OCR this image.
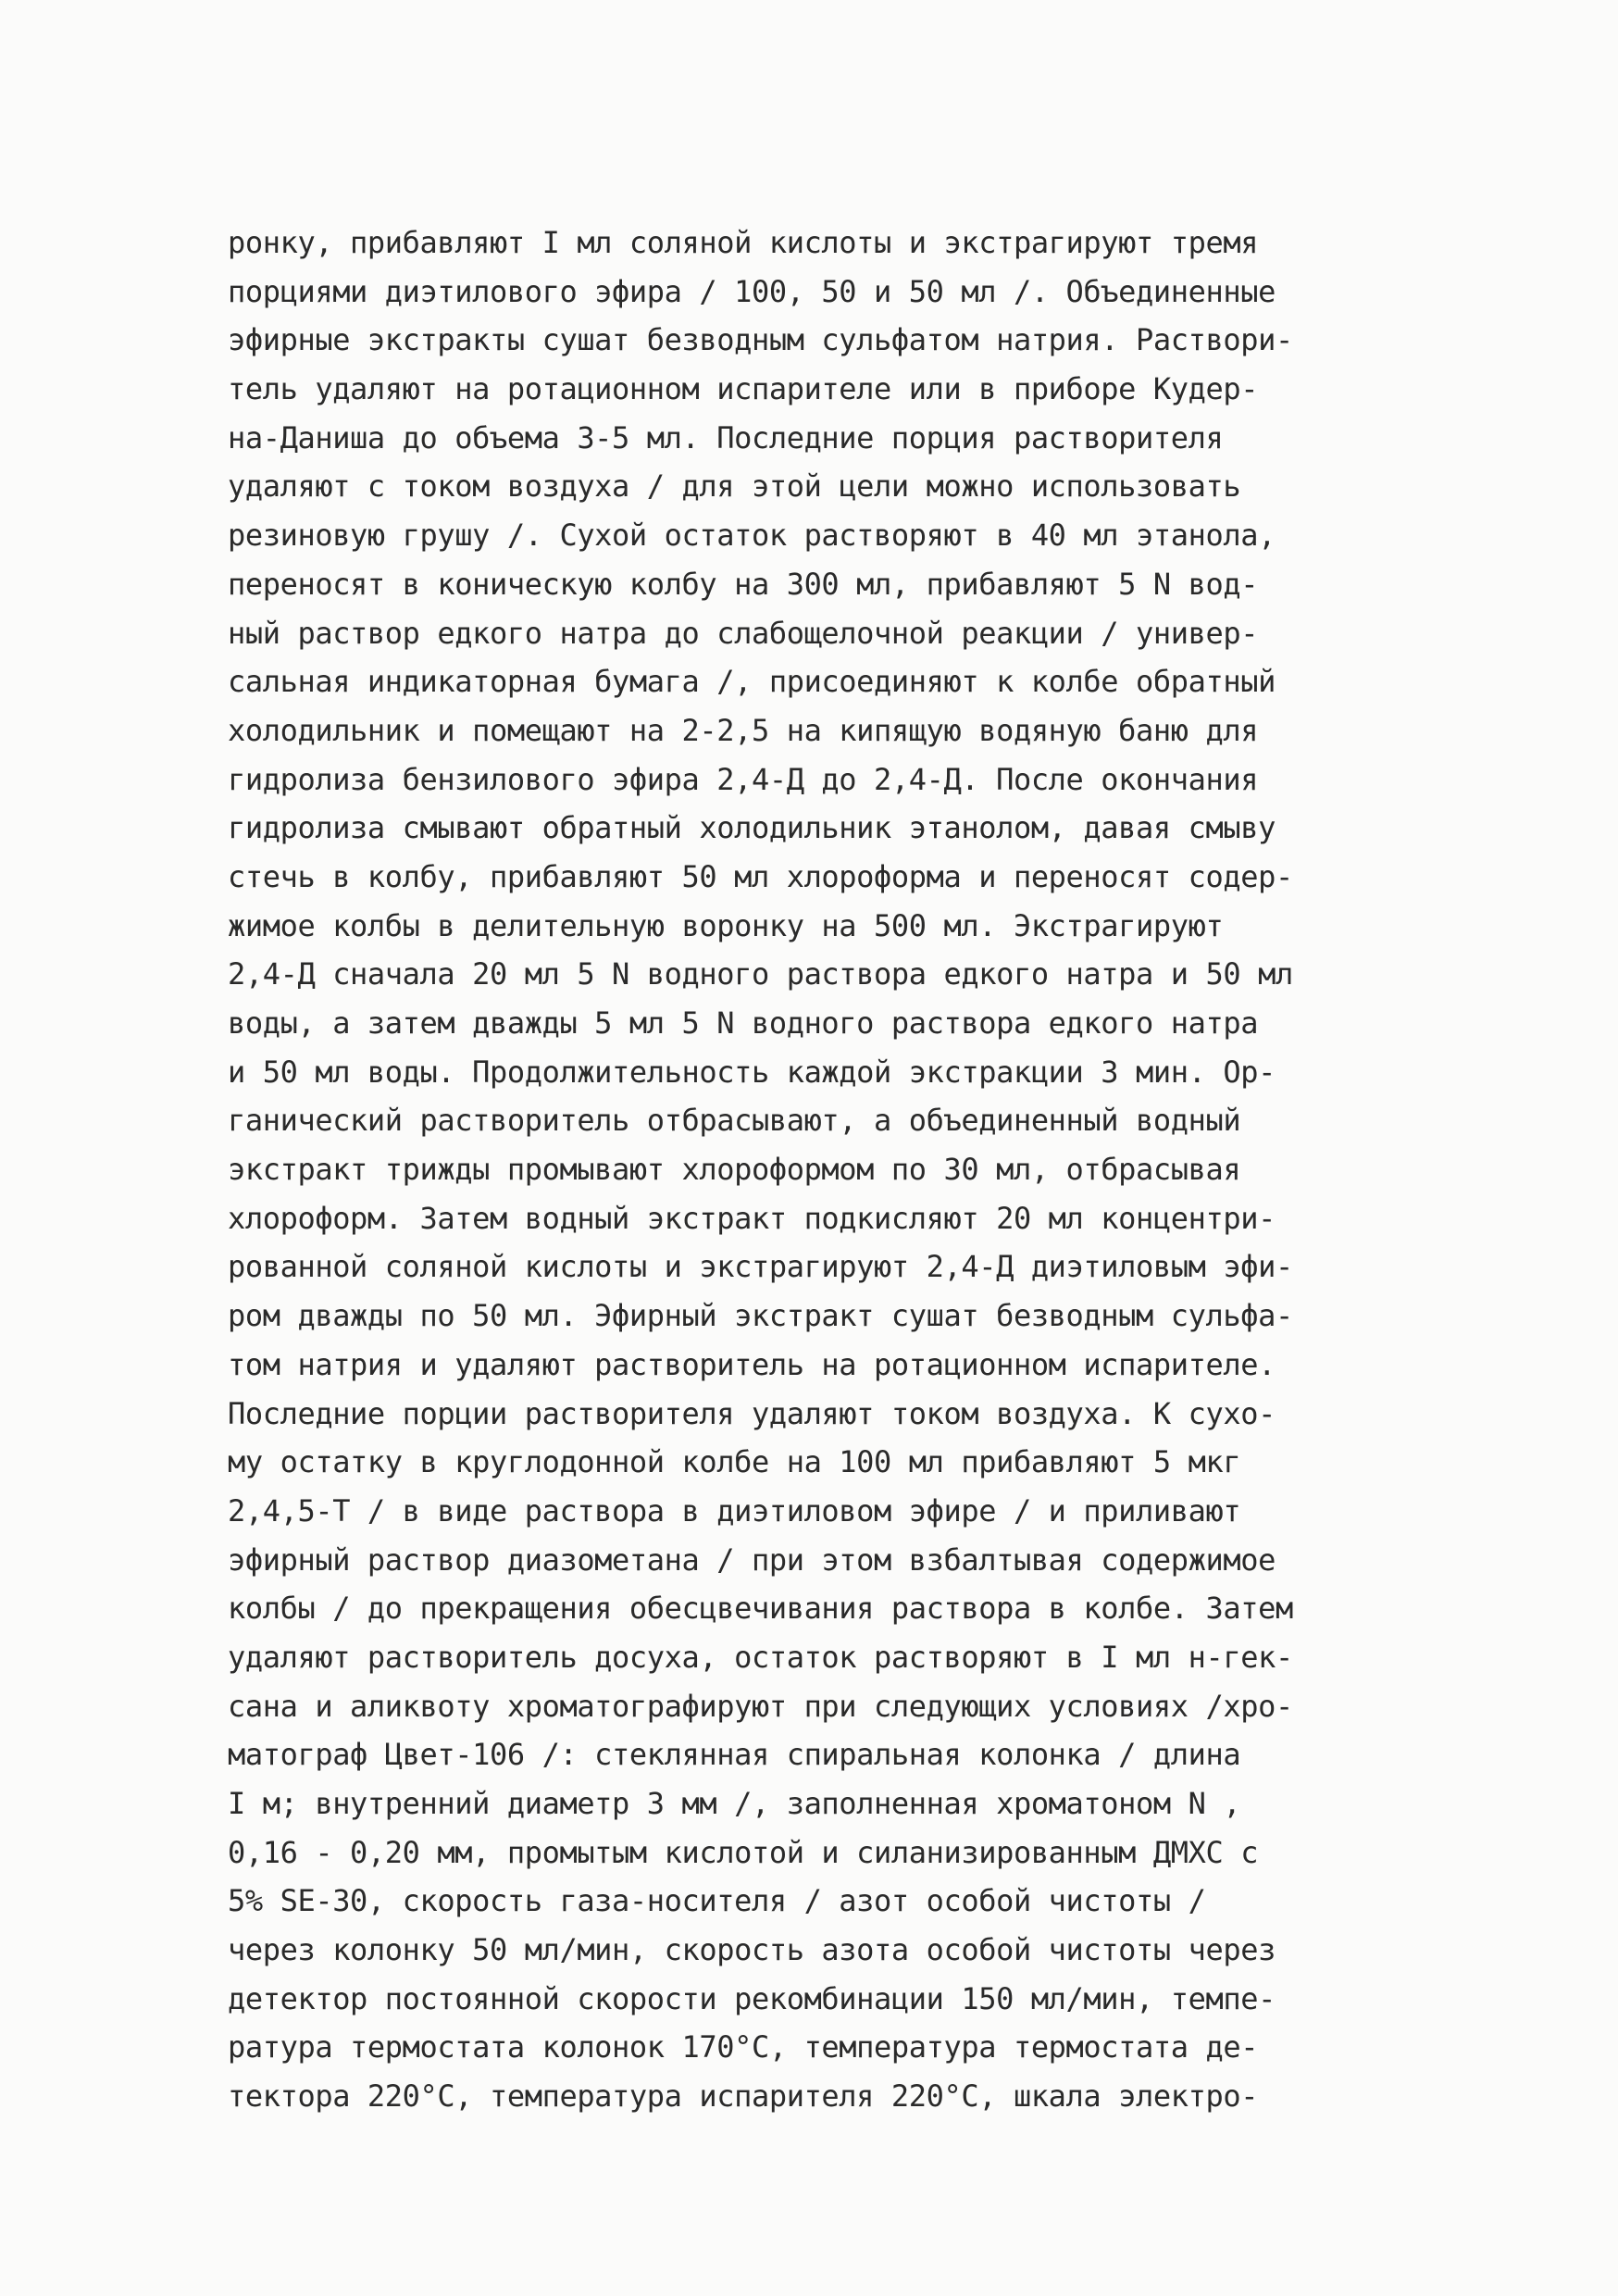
ронку, прибавляют I мл соляной кислоты и экстрагируют тремя
порциями диэтилового эфира / 100, 50 и 50 мл /. Объединенные
эфирные экстракты сушат безводным сульфатом натрия. Раствори-
тель удаляют на ротационном испарителе или в приборе Кудер-
на-Даниша до объема 3-5 мл. Последние порция растворителя
удаляют с током воздуха / для этой цели можно использовать
резиновую грушу /. Сухой остаток растворяют в 40 мл этанола,
переносят в коническую колбу на 300 мл, прибавляют 5 N вод-
ный раствор едкого натра до слабощелочной реакции / универ-
сальная индикаторная бумага /, присоединяют к колбе обратный
холодильник и помещают на 2-2,5 на кипящую водяную баню для
гидролиза бензилового эфира 2,4-Д до 2,4-Д. После окончания
гидролиза смывают обратный холодильник этанолом, давая смыву
стечь в колбу, прибавляют 50 мл хлороформа и переносят содер-
жимое колбы в делительную воронку на 500 мл. Экстрагируют
2,4-Д сначала 20 мл 5 N водного раствора едкого натра и 50 мл
воды, а затем дважды 5 мл 5 N водного раствора едкого натра
и 50 мл воды. Продолжительность каждой экстракции 3 мин. Ор-
ганический растворитель отбрасывают, а объединенный водный
экстракт трижды промывают хлороформом по 30 мл, отбрасывая
хлороформ. Затем водный экстракт подкисляют 20 мл концентри-
рованной соляной кислоты и экстрагируют 2,4-Д диэтиловым эфи-
ром дважды по 50 мл. Эфирный экстракт сушат безводным сульфа-
том натрия и удаляют растворитель на ротационном испарителе.
Последние порции растворителя удаляют током воздуха. К сухо-
му остатку в круглодонной колбе на 100 мл прибавляют 5 мкг
2,4,5-Т / в виде раствора в диэтиловом эфире / и приливают
эфирный раствор диазометана / при этом взбалтывая содержимое
колбы / до прекращения обесцвечивания раствора в колбе. Затем
удаляют растворитель досуха, остаток растворяют в I мл н-гек-
сана и аликвоту хроматографируют при следующих условиях /хро-
матограф Цвет-106 /: стеклянная спиральная колонка / длина
I м; внутренний диаметр 3 мм /, заполненная хроматоном N ,
0,16 - 0,20 мм, промытым кислотой и силанизированным ДМХС с
5% SE-30, скорость газа-носителя / азот особой чистоты /
через колонку 50 мл/мин, скорость азота особой чистоты через
детектор постоянной скорости рекомбинации 150 мл/мин, темпе-
ратура термостата колонок 170°С, температура термостата де-
тектора 220°С, температура испарителя 220°С, шкала электро-
